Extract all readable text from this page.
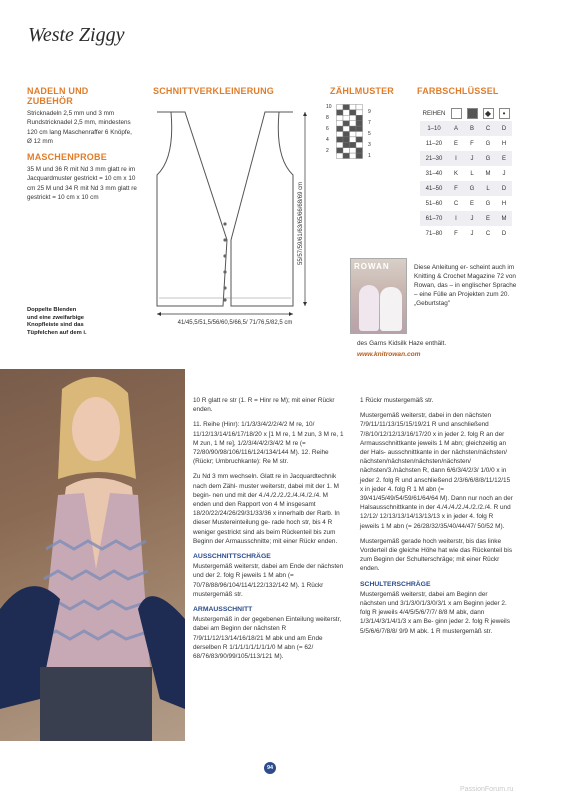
Weste Ziggy
NADELN UND ZUBEHÖR
Stricknadeln 2,5 mm und 3 mm Rundstricknadel 2,5 mm, mindestens 120 cm lang Maschenraffer 6 Knöpfe, Ø 12 mm
MASCHENPROBE
35 M und 36 R mit Nd 3 mm glatt re im Jacquardmuster gestrickt = 10 cm x 10 cm 25 M und 34 R mit Nd 3 mm glatt re gestrickt = 10 cm x 10 cm
Doppelte Blenden und eine zweifarbige Knopfleiste sind das Tüpfelchen auf dem i.
SCHNITTVERKLEINERUNG
41/45,5/51,5/56/60,5/66,5/ 71/76,5/82,5 cm
55/57/59/61/63/65/66/68/69 cm
ZÄHLMUSTER
10
8
6
4
2
9
7
5
3
1
FARBSCHLÜSSEL
REIHEN			◆	•
1–10	A	B	C	D
11–20	E	F	G	H
21–30	I	J	G	E
31–40	K	L	M	J
41–50	F	G	L	D
51–60	C	E	G	H
61–70	I	J	E	M
71–80	F	J	C	D
ROWAN	Diese Anleitung er- scheint auch im Knitting & Crochet Magazine 72 von Rowan, das – in englischer Sprache – eine Fülle an Projekten zum 20. „Geburtstag"
des Garns Kidsilk Haze enthält.
www.knitrowan.com

10 R glatt re str (1. R = Hinr re M); mit einer Rückr enden.

11. Reihe (Hinr): 1/1/3/3/4/2/2/4/2 M re, 10/ 11/12/13/14/16/17/18/20 x [1 M re, 1 M zun, 3 M re, 1 M zun, 1 M re], 1/2/3/4/4/2/3/4/2 M re (= 72/80/90/98/106/116/124/134/144 M). 12. Reihe (Rückr; Umbruchkante): Re M str.

Zu Nd 3 mm wechseln. Glatt re in Jacquardtechnik nach dem Zähl- muster weiterstr, dabei mit der 1. M begin- nen und mit der 4./4./2./2./2./4./4./2./4. M enden und den Rapport von 4 M insgesamt 18/20/22/24/26/29/31/33/36 x innerhalb der Rarb. In dieser Mustereinteilung ge- rade hoch str, bis 4 R weniger gestrickt sind als beim Rückenteil bis zum Beginn der Armausschnitte; mit einer Rückr enden.

AUSSCHNITTSCHRÄGE

Mustergemäß weiterstr, dabei am Ende der nächsten und der 2. folg R jeweils 1 M abn (= 70/78/88/96/104/114/122/132/142 M). 1 Rückr mustergemäß str.

ARMAUSSCHNITT

Mustergemäß in der gegebenen Einteilung weiterstr, dabei am Beginn der nächsten R 7/9/11/12/13/14/16/18/21 M abk und am Ende derselben R 1/1/1/1/1/1/1/1/0 M abn (= 62/ 68/76/83/90/99/105/113/121 M).

1 Rückr mustergemäß str.

Mustergemäß weiterstr, dabei in den nächsten 7/9/11/11/13/15/15/19/21 R und anschließend 7/8/10/12/12/13/16/17/20 x in jeder 2. folg R an der Armausschnittkante jeweils 1 M abn; gleichzeitig an der Hals- ausschnittkante in der nächsten/nächsten/ nächsten/nächsten/nächsten/nächsten/ nächsten/3./nächsten R, dann 6/6/3/4/2/3/ 1/0/0 x in jeder 2. folg R und anschließend 2/3/6/6/8/8/11/12/15 x in jeder 4. folg R 1 M abn (= 39/41/45/49/54/59/61/64/64 M). Dann nur noch an der Halsausschnittkante in der 4./4./4./2./4./2./2./4. R und 12/12/ 12/13/13/14/13/13/13 x in jeder 4. folg R jeweils 1 M abn (= 26/28/32/35/40/44/47/ 50/52 M).

Mustergemäß gerade hoch weiterstr, bis das linke Vorderteil die gleiche Höhe hat wie das Rückenteil bis zum Beginn der Schulterschräge; mit einer Rückr enden.

SCHULTERSCHRÄGE

Mustergemäß weiterstr, dabei am Beginn der nächsten und 3/1/3/0/1/3/0/3/1 x am Beginn jeder 2. folg R jeweils 4/4/5/5/6/7/7/ 8/8 M abk, dann 1/3/1/4/3/1/4/1/3 x am Be- ginn jeder 2. folg R jeweils 5/5/6/6/7/8/8/ 9/9 M abk. 1 R mustergemäß str.

94
PassionForum.ru
